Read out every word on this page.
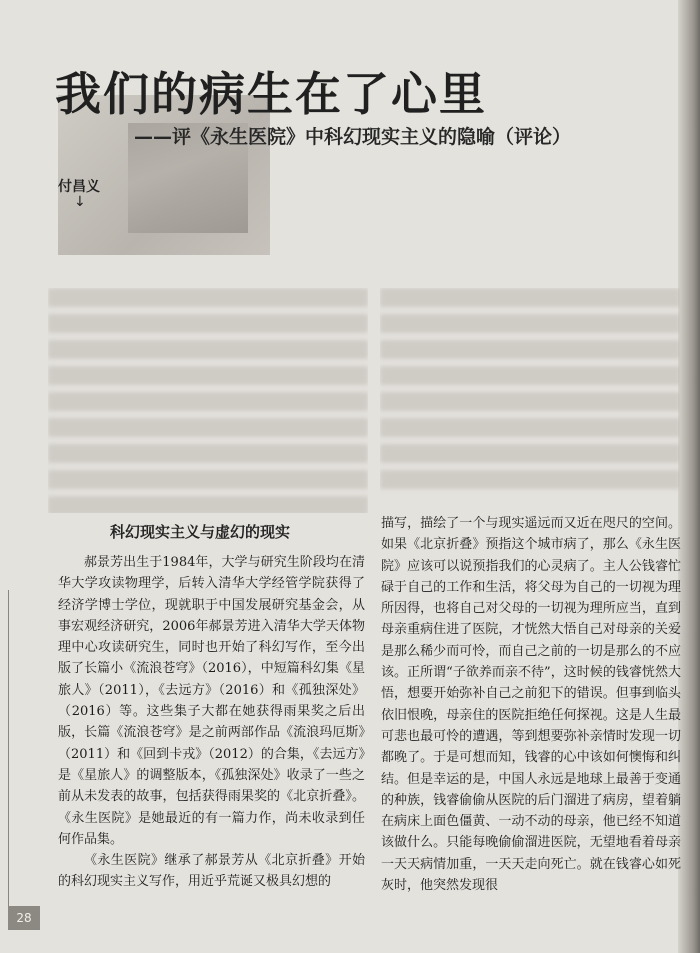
我们的病生在了心里
——评《永生医院》中科幻现实主义的隐喻（评论）
付昌义
↓
科幻现实主义与虚幻的现实

郝景芳出生于1984年，大学与研究生阶段均在清华大学攻读物理学，后转入清华大学经管学院获得了经济学博士学位，现就职于中国发展研究基金会，从事宏观经济研究，2006年郝景芳进入清华大学天体物理中心攻读研究生，同时也开始了科幻写作，至今出版了长篇小《流浪苍穹》（2016），中短篇科幻集《星旅人》（2011），《去远方》（2016）和《孤独深处》（2016）等。这些集子大都在她获得雨果奖之后出版，长篇《流浪苍穹》是之前两部作品《流浪玛厄斯》（2011）和《回到卡戎》（2012）的合集，《去远方》是《星旅人》的调整版本，《孤独深处》收录了一些之前从未发表的故事，包括获得雨果奖的《北京折叠》。《永生医院》是她最近的有一篇力作，尚未收录到任何作品集。

《永生医院》继承了郝景芳从《北京折叠》开始的科幻现实主义写作，用近乎荒诞又极具幻想的

描写，描绘了一个与现实遥远而又近在咫尺的空间。如果《北京折叠》预指这个城市病了，那么《永生医院》应该可以说预指我们的心灵病了。主人公钱睿忙碌于自己的工作和生活，将父母为自己的一切视为理所因得，也将自己对父母的一切视为理所应当，直到母亲重病住进了医院，才恍然大悟自己对母亲的关爱是那么稀少而可怜，而自己之前的一切是那么的不应该。正所谓“子欲养而亲不待”，这时候的钱睿恍然大悟，想要开始弥补自己之前犯下的错误。但事到临头依旧恨晚，母亲住的医院拒绝任何探视。这是人生最可悲也最可怜的遭遇，等到想要弥补亲情时发现一切都晚了。于是可想而知，钱睿的心中该如何懊悔和纠结。但是幸运的是，中国人永远是地球上最善于变通的种族，钱睿偷偷从医院的后门溜进了病房，望着躺在病床上面色僵黄、一动不动的母亲，他已经不知道该做什么。只能每晚偷偷溜进医院，无望地看着母亲一天天病情加重，一天天走向死亡。就在钱睿心如死灰时，他突然发现很

28
